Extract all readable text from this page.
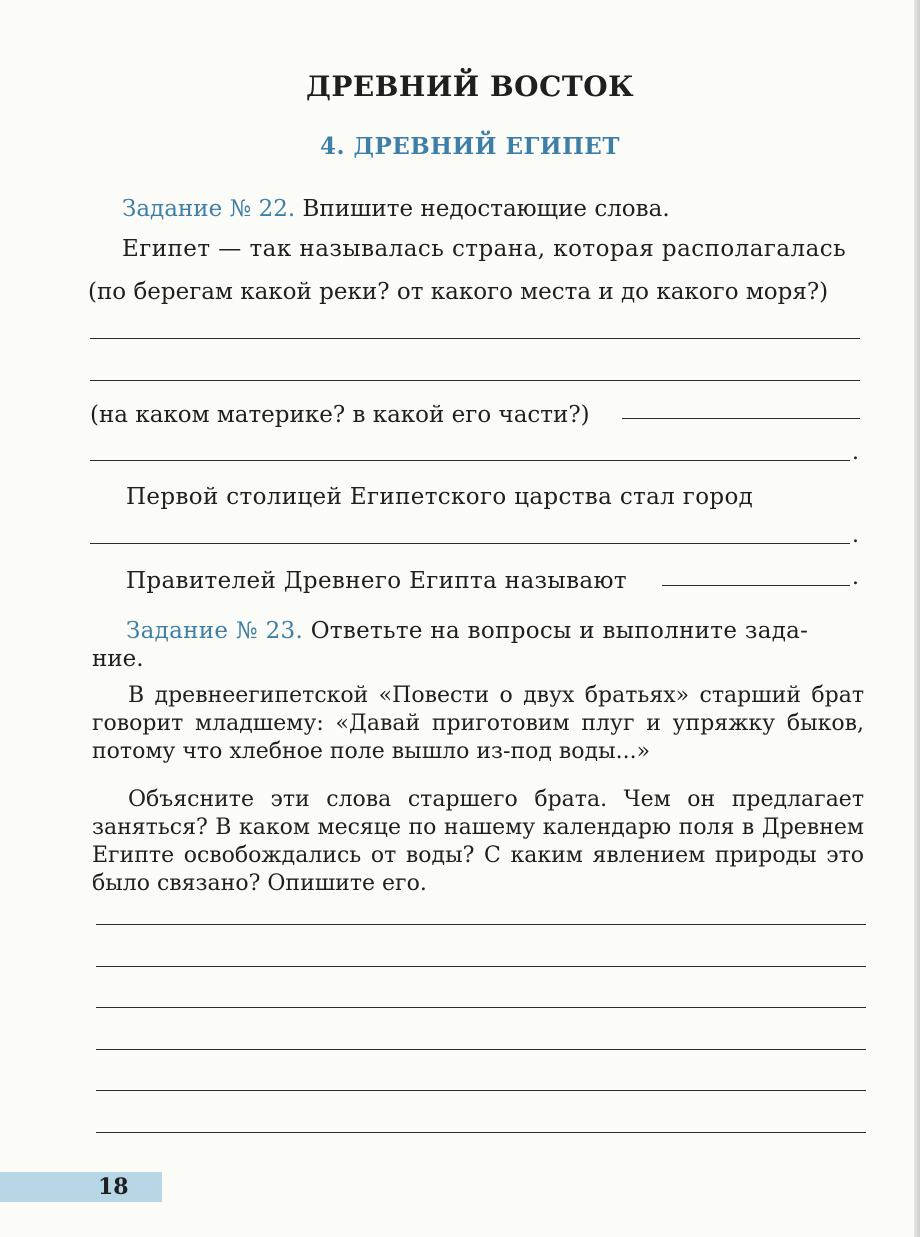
ДРЕВНИЙ ВОСТОК
4. ДРЕВНИЙ ЕГИПЕТ
Задание № 22. Впишите недостающие слова.
Египет — так называлась страна, которая располагалась
(по берегам какой реки? от какого места и до какого моря?)
(на каком материке? в какой его части?)
.
Первой столицей Египетского царства стал город
.
Правителей Древнего Египта называют	.
Задание № 23. Ответьте на вопросы и выполните зада-
ние.
В древнеегипетской «Повести о двух братьях» старший брат говорит младшему: «Давай приготовим плуг и упряжку быков, потому что хлебное поле вышло из-под воды...»
Объясните эти слова старшего брата. Чем он предлагает заняться? В каком месяце по нашему календарю поля в Древнем Египте освобождались от воды? С каким явлением природы это было связано? Опишите его.
18
